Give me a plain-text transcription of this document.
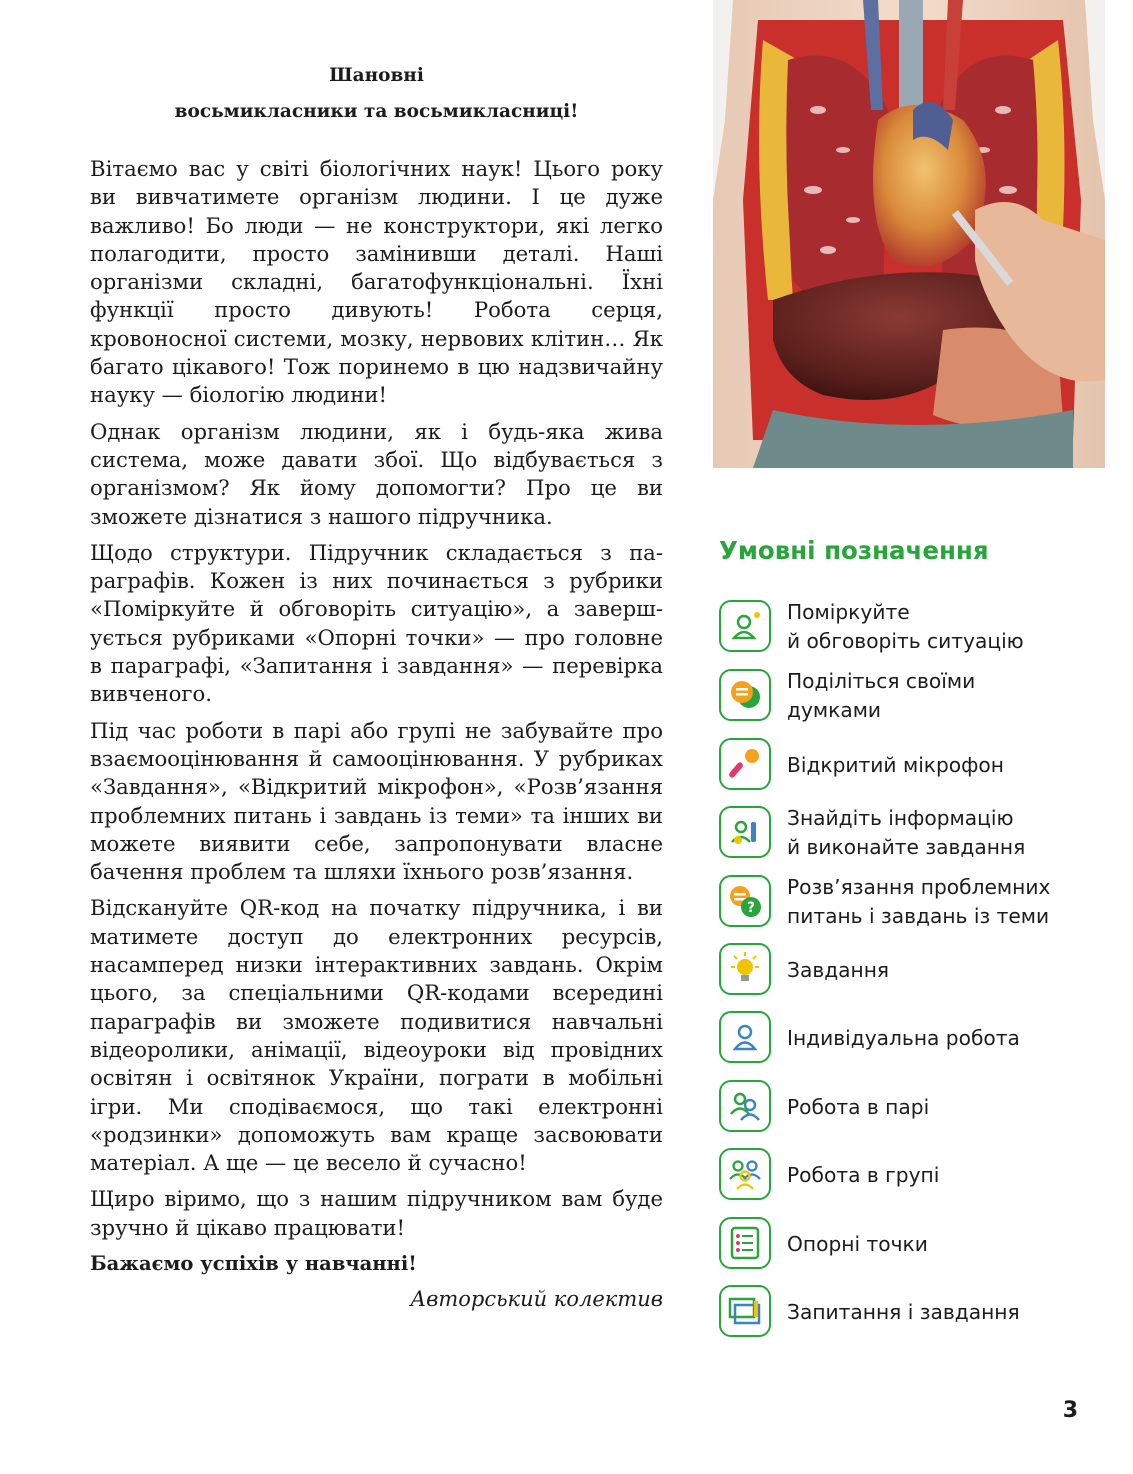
Шановні

восьмикласники та восьмикласниці!

Вітаємо вас у світі біологічних наук! Цього року ви вивчатимете організм людини. І це дуже важливо! Бо люди — не конструктори, які легко полагодити, просто замінивши деталі. Наші організми складні, багатофункціональні. Їхні функції просто дивують! Робота серця, кровоносної системи, мозку, нервових клітин… Як багато цікавого! Тож поринемо в цю надзвичайну науку — біологію людини!

Однак організм людини, як і будь-яка жива система, може давати збої. Що відбувається з організмом? Як йому допомогти? Про це ви зможете дізнатися з нашого підручника.

Щодо структури. Підручник складається з параграфів. Кожен із них починається з рубрики «Поміркуйте й обговоріть ситуацію», а завершується рубриками «Опорні точки» — про головне в параграфі, «Запитання і завдання» — перевірка вивченого.

Під час роботи в парі або групі не забувайте про взаємооцінювання й самооцінювання. У рубриках «Завдання», «Відкритий мікрофон», «Розв’язання проблемних питань і завдань із теми» та інших ви можете виявити себе, запропонувати власне бачення проблем та шляхи їхнього розв’язання.

Відскануйте QR-код на початку підручника, і ви матимете доступ до електронних ресурсів, насамперед низки інтерактивних завдань. Окрім цього, за спеціальними QR-кодами всередині параграфів ви зможете подивитися навчальні відеоролики, анімації, відеоуроки від провідних освітян і освітянок України, пограти в мобільні ігри. Ми сподіваємося, що такі електронні «родзинки» допоможуть вам краще засвоювати матеріал. А ще — це весело й сучасно!

Щиро віримо, що з нашим підручником вам буде зручно й цікаво працювати!

Бажаємо успіхів у навчанні!

Авторський колектив

Умовні позначення
Поміркуйте
й обговоріть ситуацію
Поділіться своїми
думками
Відкритий мікрофон
Знайдіть інформацію
й виконайте завдання
?
Розв’язання проблемних
питань і завдань із теми
Завдання
Індивідуальна робота
Робота в парі
Робота в групі
Опорні точки
Запитання і завдання
3
